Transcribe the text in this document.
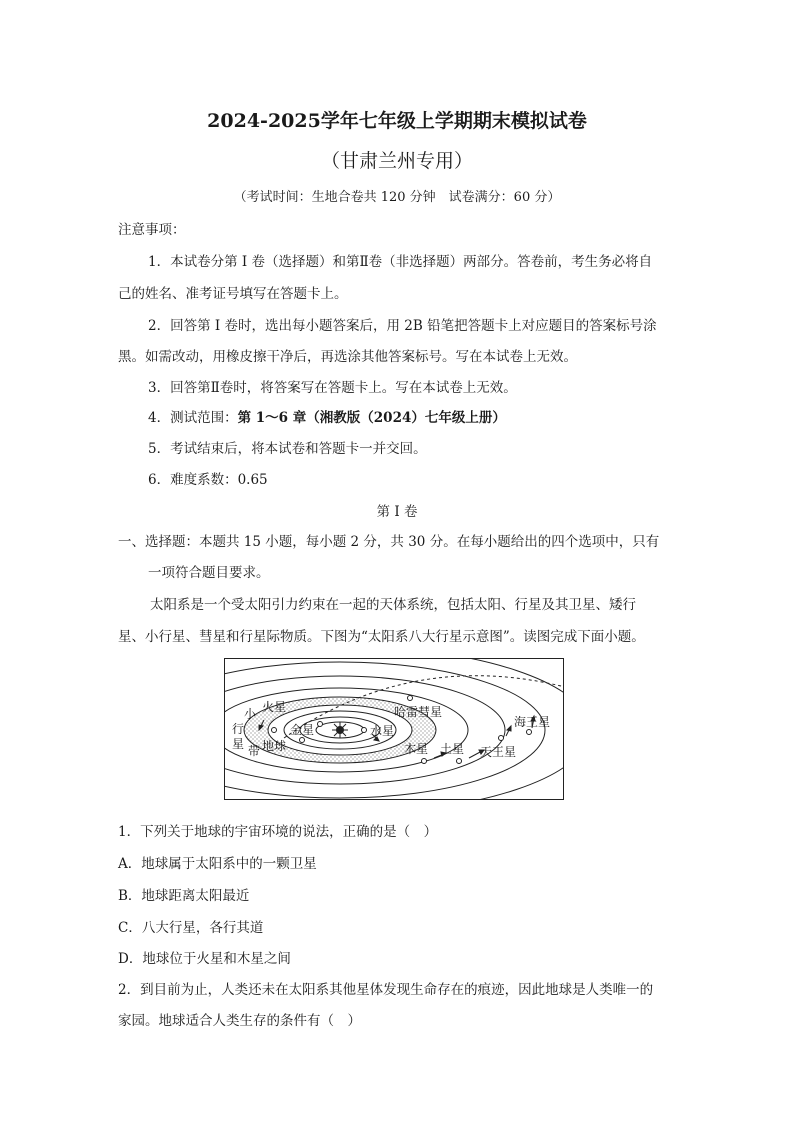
2024-2025学年七年级上学期期末模拟试卷
（甘肃兰州专用）
（考试时间：生地合卷共 120 分钟　试卷满分：60 分）
注意事项：
1．本试卷分第 I 卷（选择题）和第Ⅱ卷（非选择题）两部分。答卷前，考生务必将自
己的姓名、准考证号填写在答题卡上。
2．回答第 I 卷时，选出每小题答案后，用 2B 铅笔把答题卡上对应题目的答案标号涂
黑。如需改动，用橡皮擦干净后，再选涂其他答案标号。写在本试卷上无效。
3．回答第Ⅱ卷时，将答案写在答题卡上。写在本试卷上无效。
4．测试范围：第 1～6 章（湘教版（2024）七年级上册）
5．考试结束后，将本试卷和答题卡一并交回。
6．难度系数：0.65
第 I 卷
一、选择题：本题共 15 小题，每小题 2 分，共 30 分。在每小题给出的四个选项中，只有
一项符合题目要求。
太阳系是一个受太阳引力约束在一起的天体系统，包括太阳、行星及其卫星、矮行
星、小行星、彗星和行星际物质。下图为“太阳系八大行星示意图”。读图完成下面小题。
火星
金星	水星
地球
哈雷彗星
海王星
木星 土星 天王星
小
行
星 带
1．下列关于地球的宇宙环境的说法，正确的是（　）
A．地球属于太阳系中的一颗卫星
B．地球距离太阳最近
C．八大行星，各行其道
D．地球位于火星和木星之间
2．到目前为止，人类还未在太阳系其他星体发现生命存在的痕迹，因此地球是人类唯一的
家园。地球适合人类生存的条件有（　）
